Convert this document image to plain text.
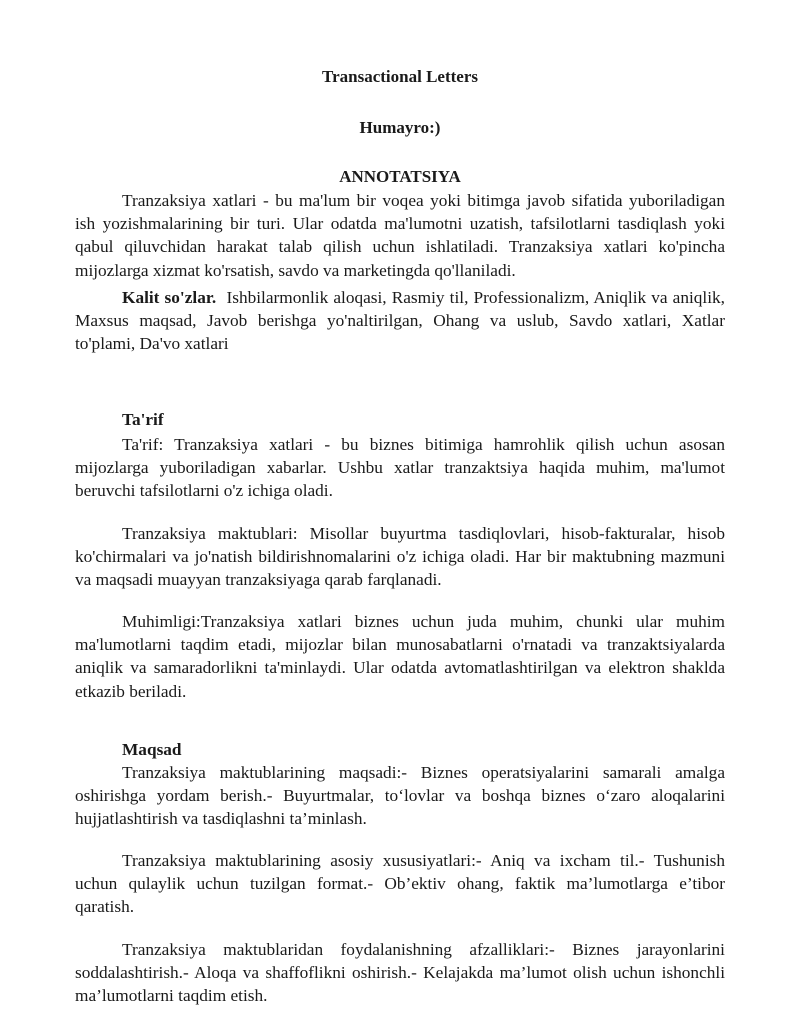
Transactional Letters
Humayro:)
ANNOTATSIYA

Tranzaksiya xatlari - bu ma'lum bir voqea yoki bitimga javob sifatida yuboriladigan ish yozishmalarining bir turi. Ular odatda ma'lumotni uzatish, tafsilotlarni tasdiqlash yoki qabul qiluvchidan harakat talab qilish uchun ishlatiladi. Tranzaksiya xatlari ko'pincha mijozlarga xizmat ko'rsatish, savdo va marketingda qo'llaniladi.

Kalit so'zlar. Ishbilarmonlik aloqasi, Rasmiy til, Professionalizm, Aniqlik va aniqlik, Maxsus maqsad, Javob berishga yo'naltirilgan, Ohang va uslub, Savdo xatlari, Xatlar to'plami, Da'vo xatlari

Ta'rif

Ta'rif: Tranzaksiya xatlari - bu biznes bitimiga hamrohlik qilish uchun asosan mijozlarga yuboriladigan xabarlar. Ushbu xatlar tranzaktsiya haqida muhim, ma'lumot beruvchi tafsilotlarni o'z ichiga oladi.

Tranzaksiya maktublari: Misollar buyurtma tasdiqlovlari, hisob-fakturalar, hisob ko'chirmalari va jo'natish bildirishnomalarini o'z ichiga oladi. Har bir maktubning mazmuni va maqsadi muayyan tranzaksiyaga qarab farqlanadi.

Muhimligi:Tranzaksiya xatlari biznes uchun juda muhim, chunki ular muhim ma'lumotlarni taqdim etadi, mijozlar bilan munosabatlarni o'rnatadi va tranzaktsiyalarda aniqlik va samaradorlikni ta'minlaydi. Ular odatda avtomatlashtirilgan va elektron shaklda etkazib beriladi.

Maqsad

Tranzaksiya maktublarining maqsadi:- Biznes operatsiyalarini samarali amalga oshirishga yordam berish.- Buyurtmalar, to‘lovlar va boshqa biznes o‘zaro aloqalarini hujjatlashtirish va tasdiqlashni ta’minlash.

Tranzaksiya maktublarining asosiy xususiyatlari:- Aniq va ixcham til.- Tushunish uchun qulaylik uchun tuzilgan format.- Ob’ektiv ohang, faktik ma’lumotlarga e’tibor qaratish.

Tranzaksiya maktublaridan foydalanishning afzalliklari:- Biznes jarayonlarini soddalashtirish.- Aloqa va shaffoflikni oshirish.- Kelajakda ma’lumot olish uchun ishonchli ma’lumotlarni taqdim etish.
